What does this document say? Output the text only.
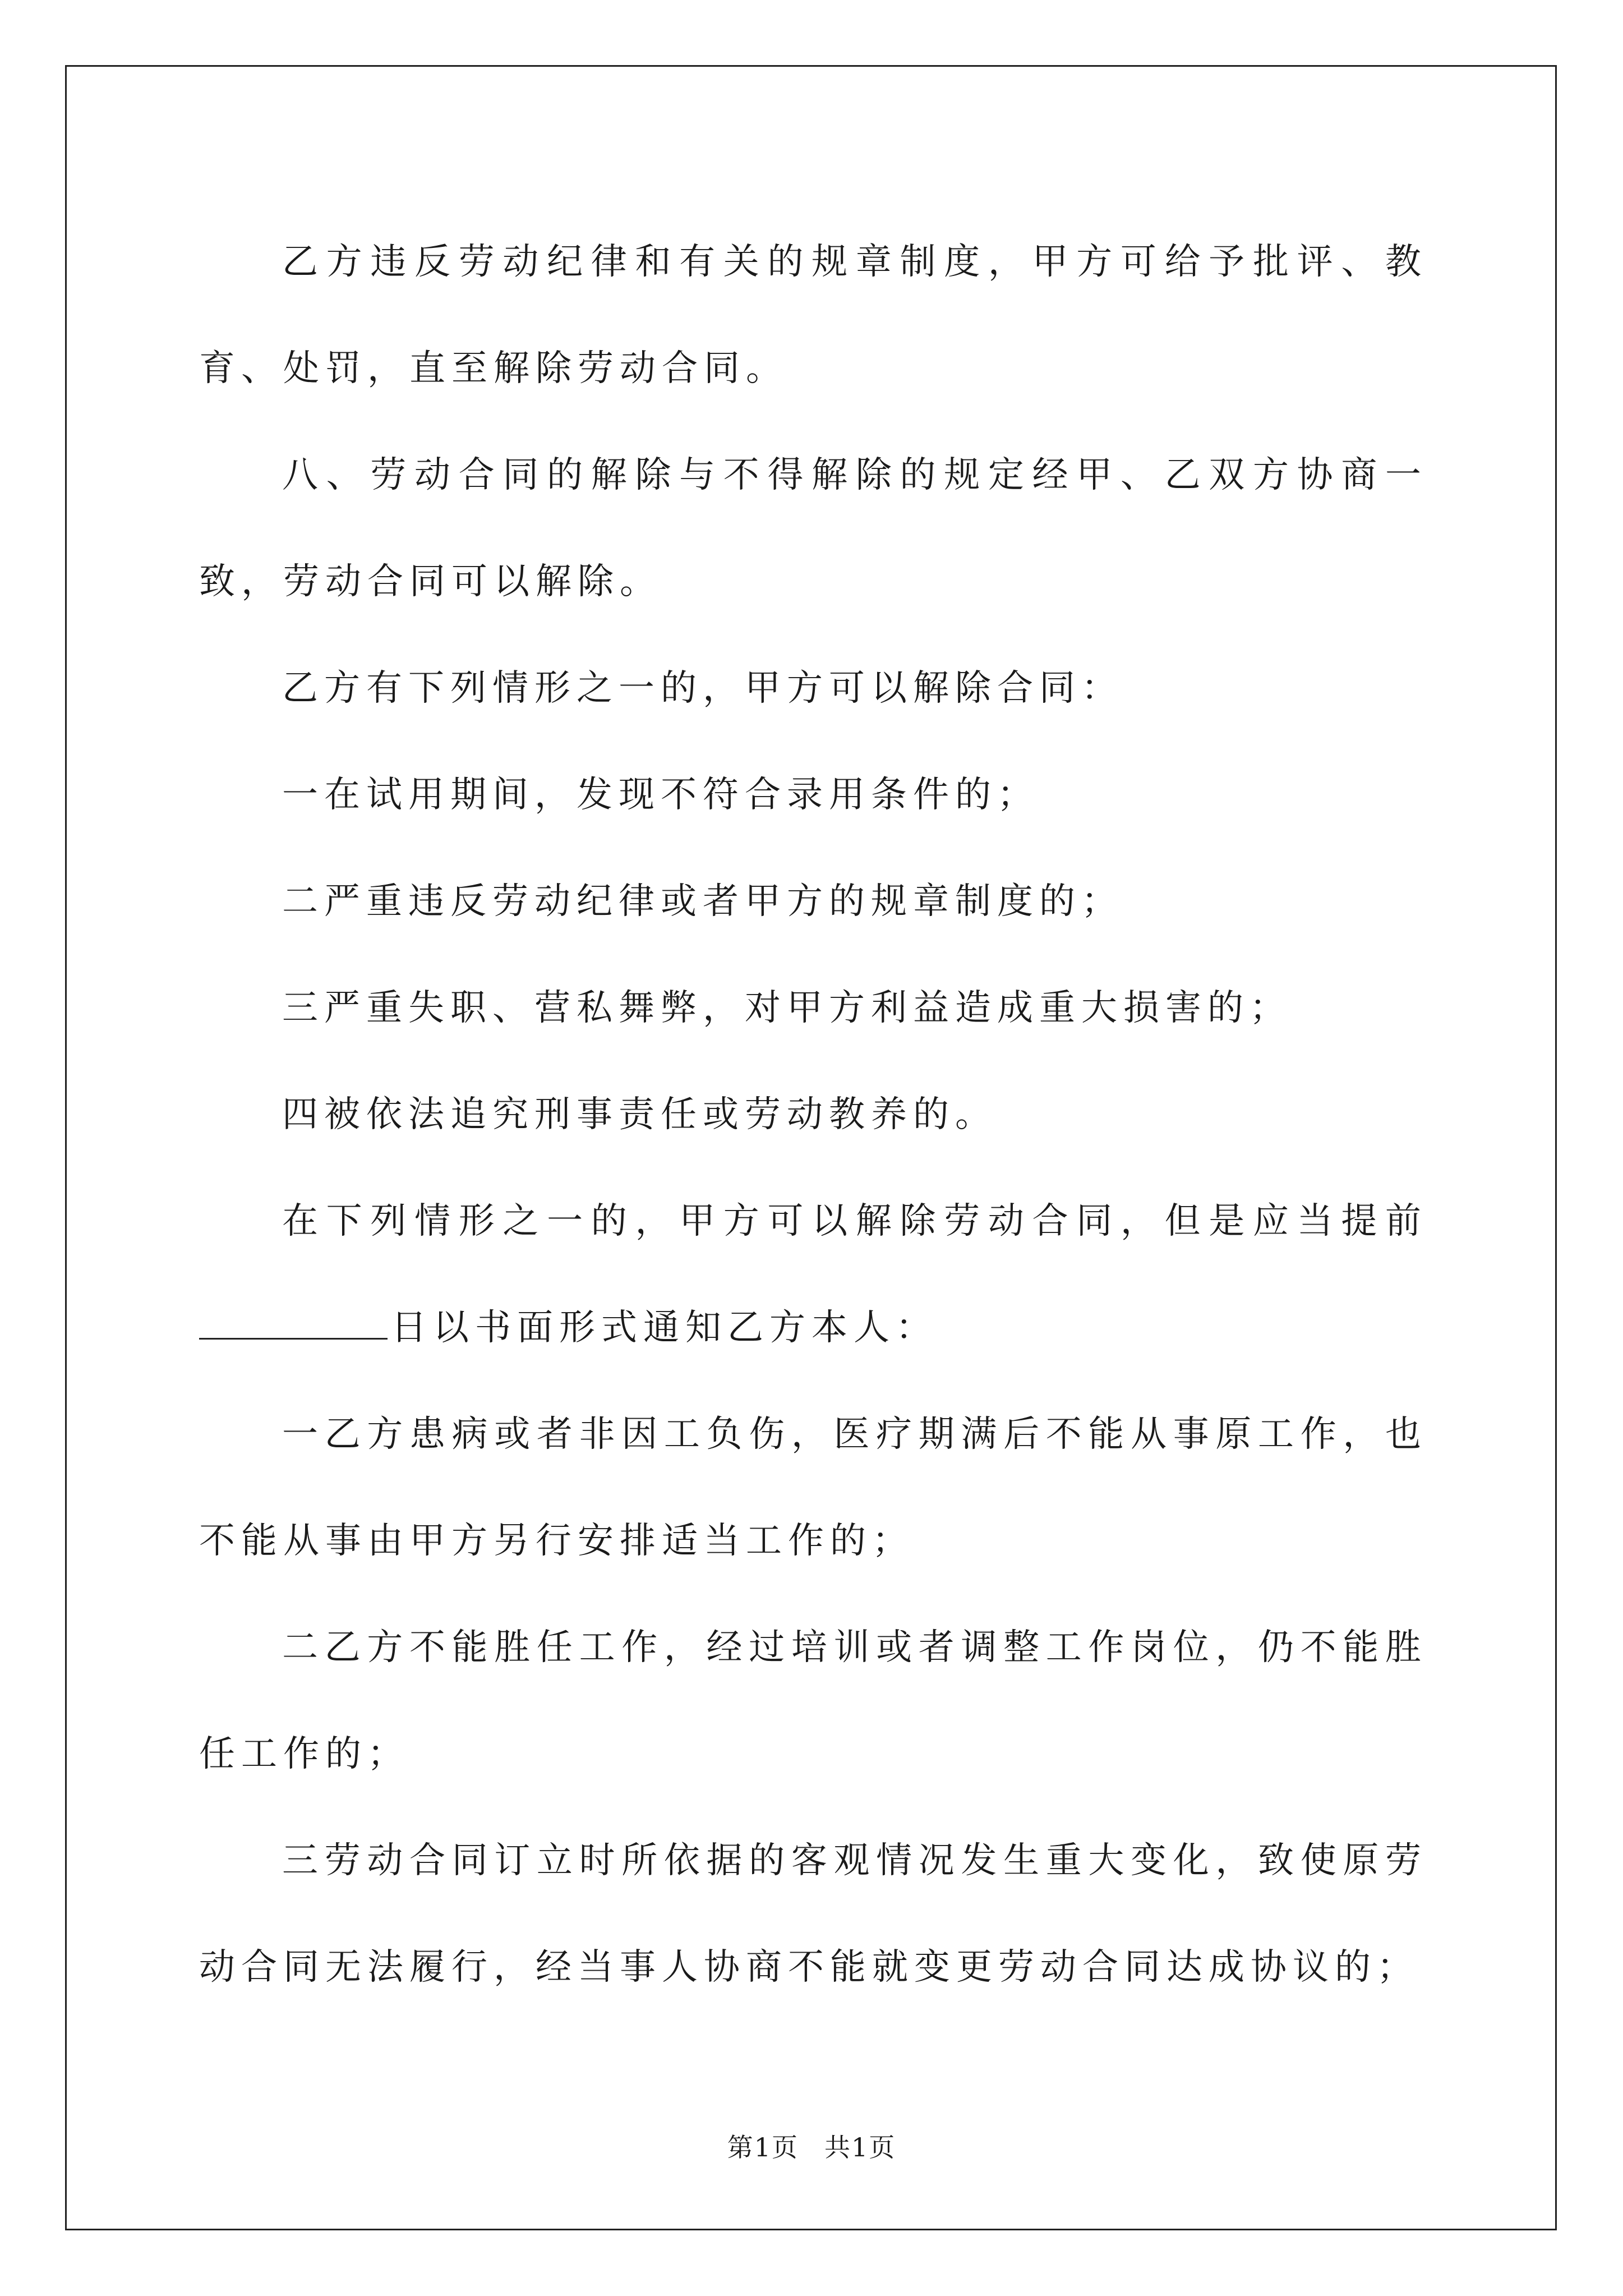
乙方违反劳动纪律和有关的规章制度，甲方可给予批评、教育、处罚，直至解除劳动合同。

八、劳动合同的解除与不得解除的规定经甲、乙双方协商一致，劳动合同可以解除。

乙方有下列情形之一的，甲方可以解除合同：

一在试用期间，发现不符合录用条件的；

二严重违反劳动纪律或者甲方的规章制度的；

三严重失职、营私舞弊，对甲方利益造成重大损害的；

四被依法追究刑事责任或劳动教养的。

在下列情形之一的，甲方可以解除劳动合同，但是应当提前日以书面形式通知乙方本人：

一乙方患病或者非因工负伤，医疗期满后不能从事原工作，也不能从事由甲方另行安排适当工作的；

二乙方不能胜任工作，经过培训或者调整工作岗位，仍不能胜任工作的；

三劳动合同订立时所依据的客观情况发生重大变化，致使原劳动合同无法履行，经当事人协商不能就变更劳动合同达成协议的；

第1页 共1页
